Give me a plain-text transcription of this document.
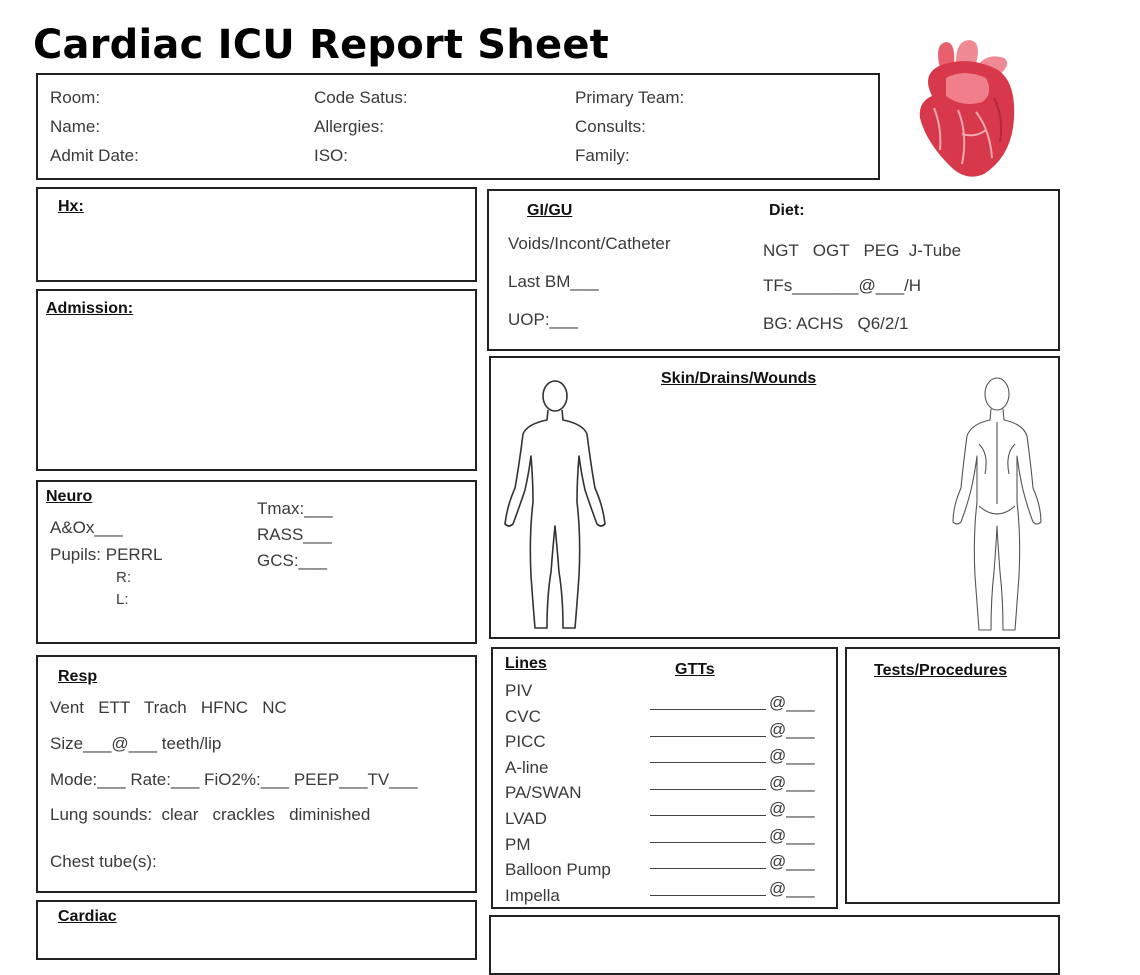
Cardiac ICU Report Sheet
Room:
Name:
Admit Date:
Code Satus:
Allergies:
ISO:
Primary Team:
Consults:
Family:
Hx:
Admission:
Neuro
A&Ox___
Pupils: PERRL
R:
L:
Tmax:___
RASS___
GCS:___
Resp
Vent   ETT   Trach   HFNC   NC
Size___@___ teeth/lip
Mode:___ Rate:___ FiO2%:___ PEEP___TV___
Lung sounds:  clear   crackles   diminished
Chest tube(s):
Cardiac
GI/GU
Voids/Incont/Catheter
Last BM___
UOP:___
Diet:
NGT   OGT   PEG  J-Tube
TFs_______@___/H
BG: ACHS   Q6/2/1
Skin/Drains/Wounds
Lines	GTTs
PIV
CVC
PICC
A-line
PA/SWAN
LVAD
PM
Balloon Pump
Impella
@___
@___
@___
@___
@___
@___
@___
@___
Tests/Procedures
